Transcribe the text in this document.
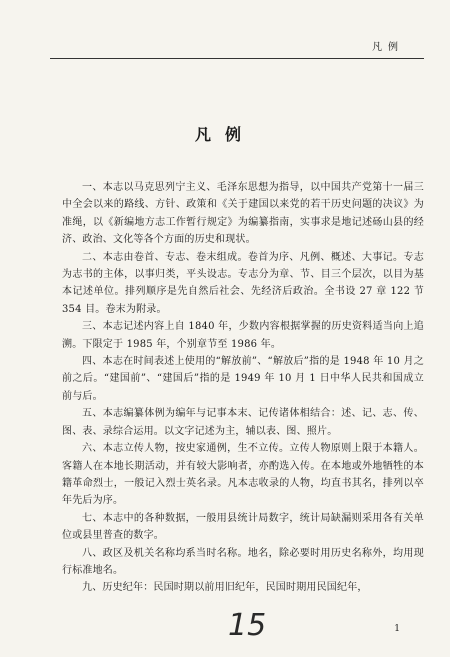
凡例
凡例

一、本志以马克思列宁主义、毛泽东思想为指导，以中国共产党第十一届三中全会以来的路线、方针、政策和《关于建国以来党的若干历史问题的决议》为准绳，以《新编地方志工作暂行规定》为编纂指南，实事求是地记述砀山县的经济、政治、文化等各个方面的历史和现状。

二、本志由卷首、专志、卷末组成。卷首为序、凡例、概述、大事记。专志为志书的主体，以事归类，平头设志。专志分为章、节、目三个层次，以目为基本记述单位。排列顺序是先自然后社会、先经济后政治。全书设 27 章 122 节 354 目。卷末为附录。

三、本志记述内容上自 1840 年，少数内容根据掌握的历史资料适当向上追溯。下限定于 1985 年，个别章节至 1986 年。

四、本志在时间表述上使用的“解放前”、“解放后”指的是 1948 年 10 月之前之后。“建国前”、“建国后”指的是 1949 年 10 月 1 日中华人民共和国成立前与后。

五、本志编纂体例为编年与记事本末、记传诸体相结合：述、记、志、传、图、表、录综合运用。以文字记述为主，辅以表、图、照片。

六、本志立传人物，按史家通例，生不立传。立传人物原则上限于本籍人。客籍人在本地长期活动，并有较大影响者，亦酌选入传。在本地或外地牺牲的本籍革命烈士，一般记入烈士英名录。凡本志收录的人物，均直书其名，排列以卒年先后为序。

七、本志中的各种数据，一般用县统计局数字，统计局缺漏则采用各有关单位或县里普查的数字。

八、政区及机关名称均系当时名称。地名，除必要时用历史名称外，均用现行标准地名。

九、历史纪年：民国时期以前用旧纪年，民国时期用民国纪年，

15	1
